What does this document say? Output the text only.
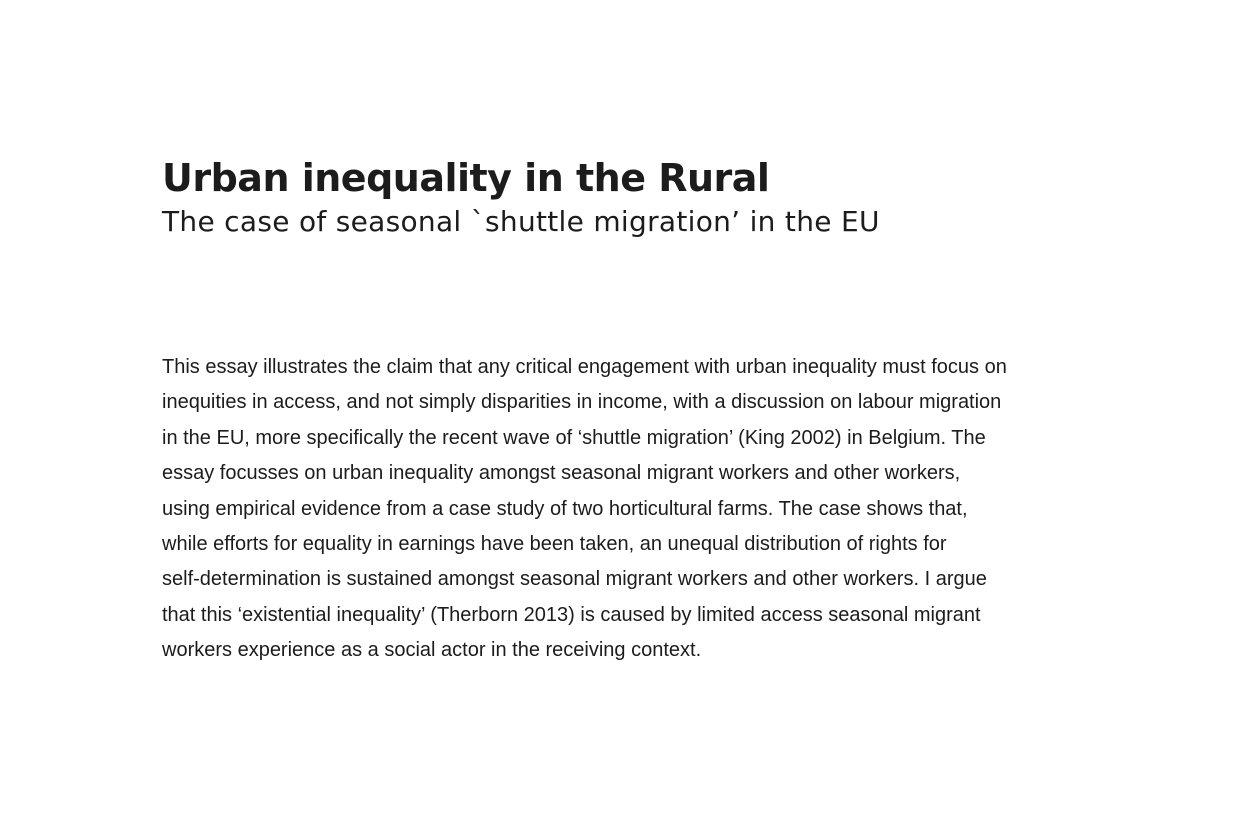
Urban inequality in the Rural
The case of seasonal `shuttle migration’ in the EU

This essay illustrates the claim that any critical engagement with urban inequality must focus on
inequities in access, and not simply disparities in income, with a discussion on labour migration
in the EU, more specifically the recent wave of ‘shuttle migration’ (King 2002) in Belgium. The
essay focusses on urban inequality amongst seasonal migrant workers and other workers,
using empirical evidence from a case study of two horticultural farms. The case shows that,
while efforts for equality in earnings have been taken, an unequal distribution of rights for
self-determination is sustained amongst seasonal migrant workers and other workers. I argue
that this ‘existential inequality’ (Therborn 2013) is caused by limited access seasonal migrant
workers experience as a social actor in the receiving context.
